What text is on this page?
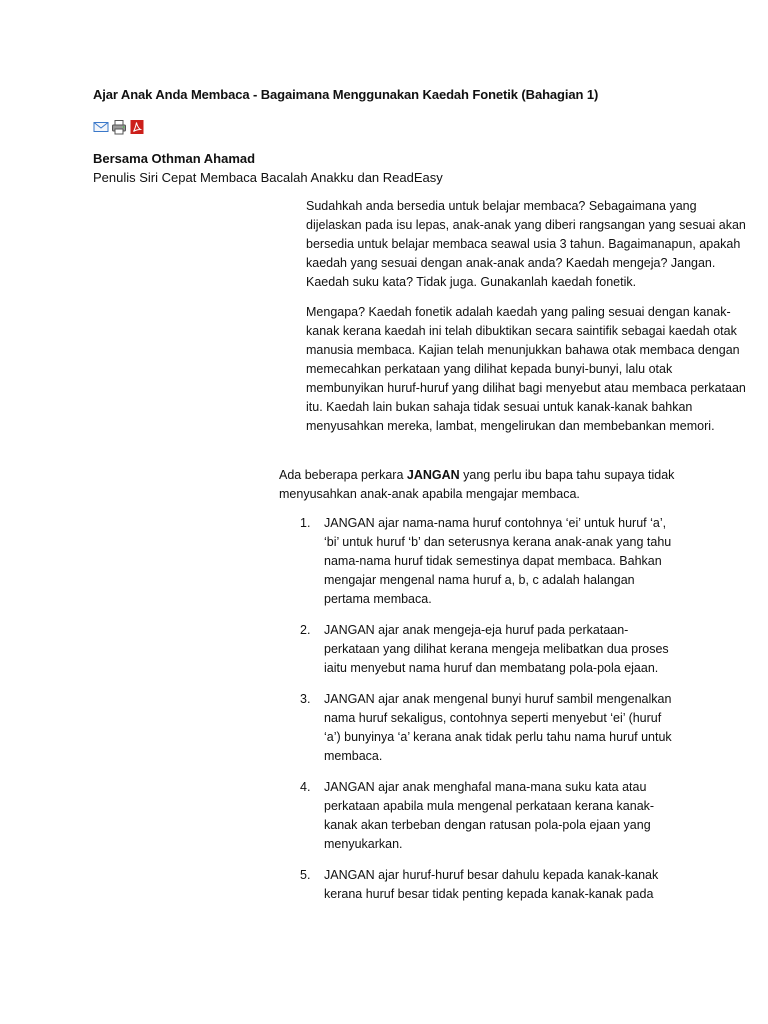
Ajar Anak Anda Membaca - Bagaimana Menggunakan Kaedah Fonetik (Bahagian 1)
Bersama Othman Ahamad
Penulis Siri Cepat Membaca Bacalah Anakku dan ReadEasy

Sudahkah anda bersedia untuk belajar membaca? Sebagaimana yang dijelaskan pada isu lepas, anak-anak yang diberi rangsangan yang sesuai akan bersedia untuk belajar membaca seawal usia 3 tahun. Bagaimanapun, apakah kaedah yang sesuai dengan anak-anak anda? Kaedah mengeja? Jangan. Kaedah suku kata? Tidak juga. Gunakanlah kaedah fonetik.

Mengapa? Kaedah fonetik adalah kaedah yang paling sesuai dengan kanak-kanak kerana kaedah ini telah dibuktikan secara saintifik sebagai kaedah otak manusia membaca. Kajian telah menunjukkan bahawa otak membaca dengan memecahkan perkataan yang dilihat kepada bunyi-bunyi, lalu otak membunyikan huruf-huruf yang dilihat bagi menyebut atau membaca perkataan itu. Kaedah lain bukan sahaja tidak sesuai untuk kanak-kanak bahkan menyusahkan mereka, lambat, mengelirukan dan membebankan memori.

Ada beberapa perkara JANGAN yang perlu ibu bapa tahu supaya tidak menyusahkan anak-anak apabila mengajar membaca.

1. JANGAN ajar nama-nama huruf contohnya ‘ei’ untuk huruf ‘a’, ‘bi’ untuk huruf ‘b’ dan seterusnya kerana anak-anak yang tahu nama-nama huruf tidak semestinya dapat membaca. Bahkan mengajar mengenal nama huruf a, b, c adalah halangan pertama membaca.
2. JANGAN ajar anak mengeja-eja huruf pada perkataan-perkataan yang dilihat kerana mengeja melibatkan dua proses iaitu menyebut nama huruf dan membatang pola-pola ejaan.
3. JANGAN ajar anak mengenal bunyi huruf sambil mengenalkan nama huruf sekaligus, contohnya seperti menyebut ‘ei’ (huruf ‘a’) bunyinya ‘a’ kerana anak tidak perlu tahu nama huruf untuk membaca.
4. JANGAN ajar anak menghafal mana-mana suku kata atau perkataan apabila mula mengenal perkataan kerana kanak-kanak akan terbeban dengan ratusan pola-pola ejaan yang menyukarkan.
5. JANGAN ajar huruf-huruf besar dahulu kepada kanak-kanak kerana huruf besar tidak penting kepada kanak-kanak pada
